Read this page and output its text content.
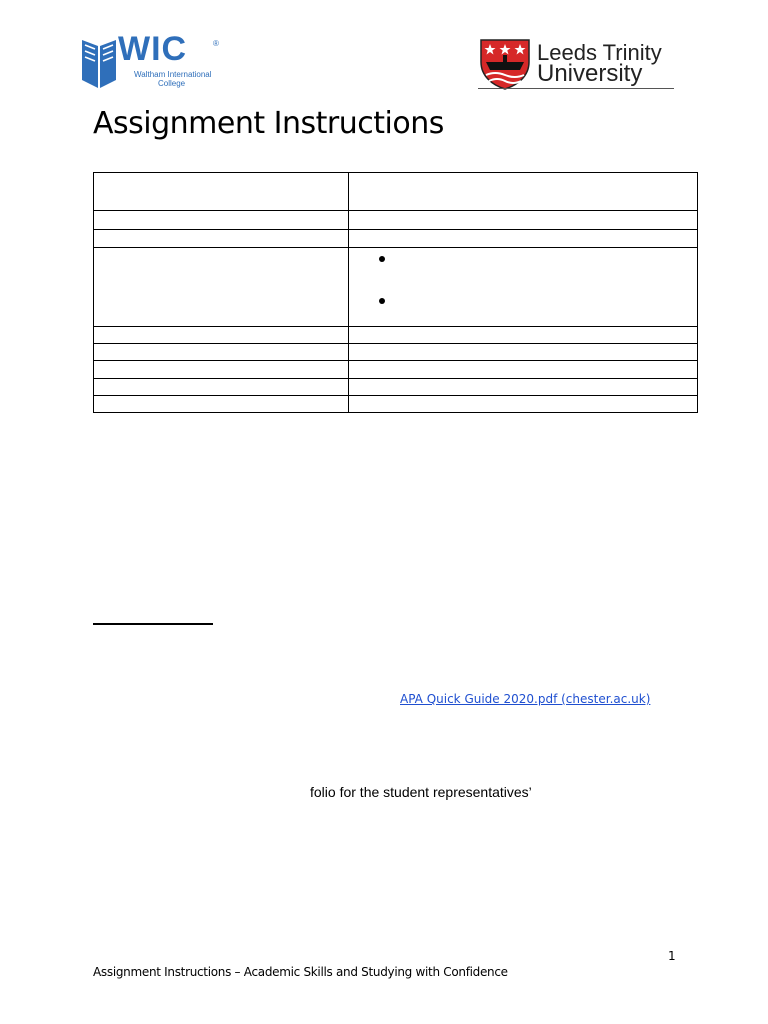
WIC	®
Waltham International
College
Leeds Trinity
University
Assignment Instructions

APA Quick Guide 2020.pdf (chester.ac.uk)
folio for the student representatives’
1
Assignment Instructions – Academic Skills and Studying with Confidence
